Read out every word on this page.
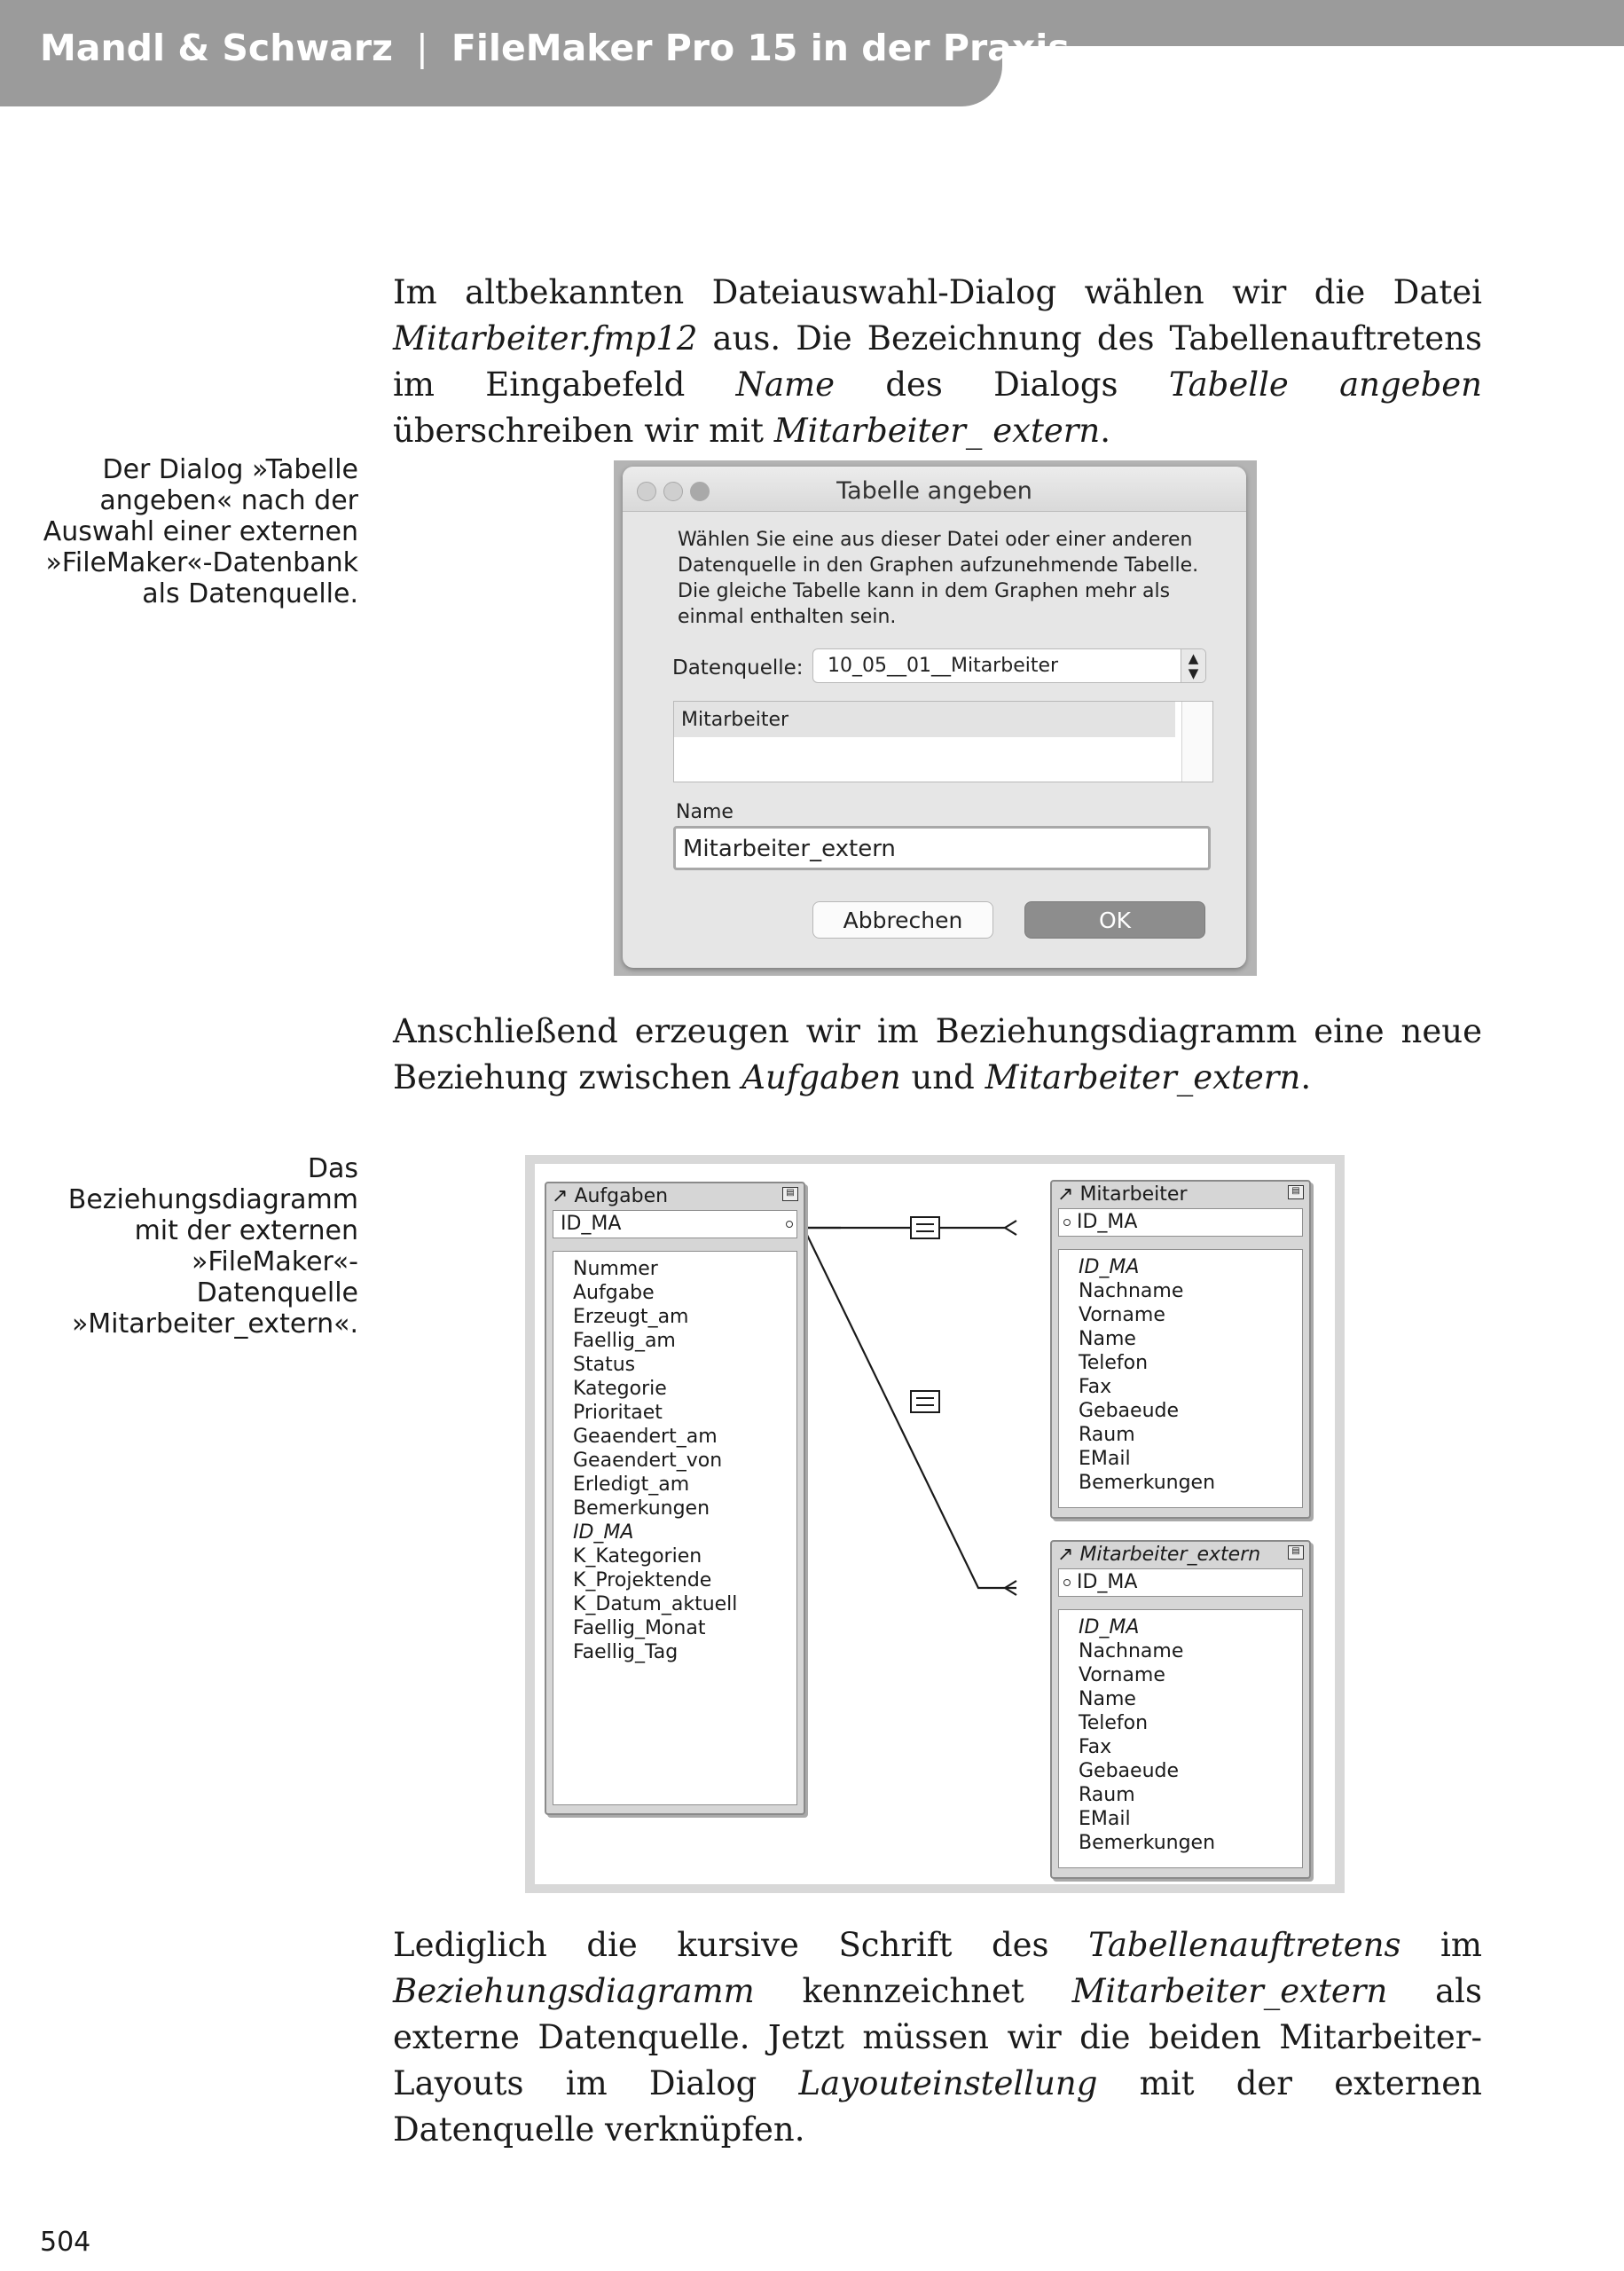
Mandl & Schwarz | FileMaker Pro 15 in der Praxis
Im altbekannten Dateiauswahl-Dialog wählen wir die Datei Mitarbeiter.fmp12 aus. Die Bezeichnung des Tabellenauftretens im Eingabefeld Name des Dialogs Tabelle angeben überschreiben wir mit Mitarbeiter_ extern.
Der Dialog »Tabelle angeben« nach der Auswahl einer externen »FileMaker«-Datenbank als Datenquelle.
Tabelle angeben
Wählen Sie eine aus dieser Datei oder einer anderen Datenquelle in den Graphen aufzunehmende Tabelle. Die gleiche Tabelle kann in dem Graphen mehr als einmal enthalten sein.
Datenquelle: 10_05__01__Mitarbeiter	▲
▼
Mitarbeiter
Name
Mitarbeiter_extern
Abbrechen	OK
Anschließend erzeugen wir im Beziehungsdiagramm eine neue Beziehung zwischen Aufgaben und Mitarbeiter_extern.
Das Beziehungsdiagramm mit der externen »FileMaker«-Datenquelle »Mitarbeiter_extern«.
↗ Aufgaben	▤
ID_MA
Nummer
Aufgabe
Erzeugt_am
Faellig_am
Status
Kategorie
Prioritaet
Geaendert_am
Geaendert_von
Erledigt_am
Bemerkungen
ID_MA
K_Kategorien
K_Projektende
K_Datum_aktuell
Faellig_Monat
Faellig_Tag
↗ Mitarbeiter	▤
ID_MA
ID_MA
Nachname
Vorname
Name
Telefon
Fax
Gebaeude
Raum
EMail
Bemerkungen
↗ Mitarbeiter_extern	▤
ID_MA
ID_MA
Nachname
Vorname
Name
Telefon
Fax
Gebaeude
Raum
EMail
Bemerkungen
Lediglich die kursive Schrift des Tabellenauftretens im Beziehungsdiagramm kennzeichnet Mitarbeiter_extern als externe Datenquelle. Jetzt müssen wir die beiden Mitarbeiter-Layouts im Dialog Layouteinstellung mit der externen Datenquelle verknüpfen.
504
